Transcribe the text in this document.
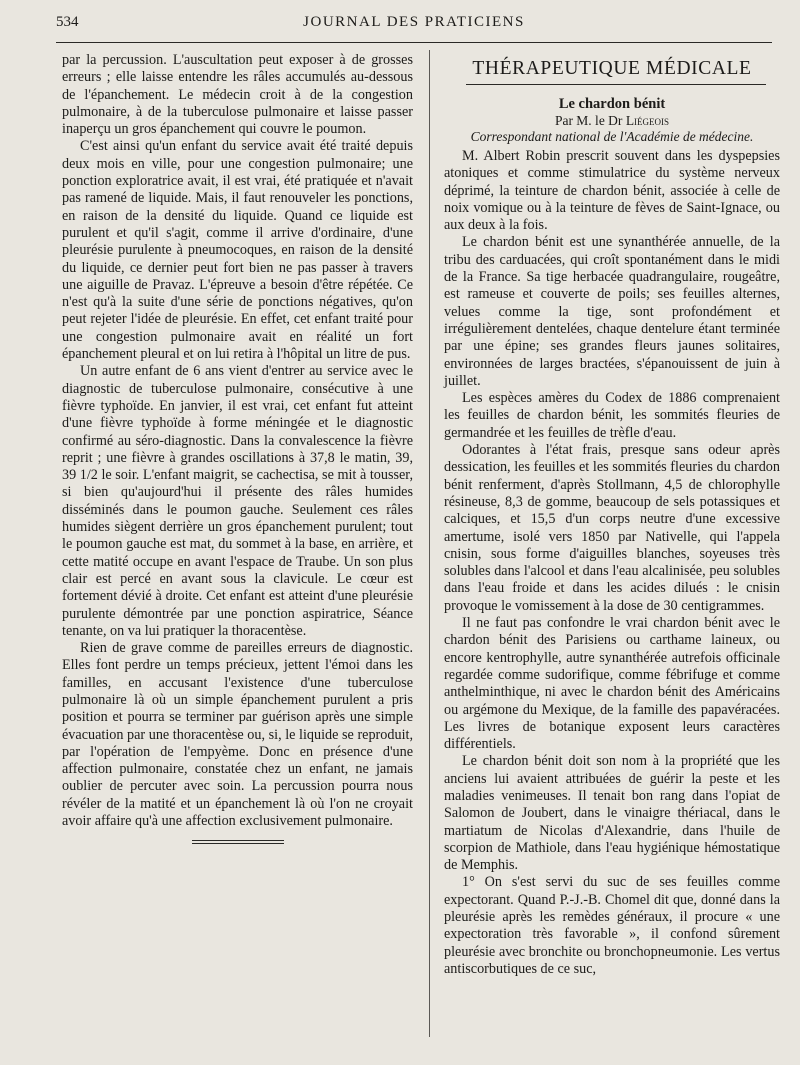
534	JOURNAL DES PRATICIENS

par la percussion. L'auscultation peut exposer à de grosses erreurs ; elle laisse entendre les râles accumulés au-dessous de l'épanchement. Le médecin croit à de la congestion pulmonaire, à de la tuberculose pulmonaire et laisse passer inaperçu un gros épanchement qui couvre le poumon.

C'est ainsi qu'un enfant du service avait été traité depuis deux mois en ville, pour une congestion pulmonaire; une ponction exploratrice avait, il est vrai, été pratiquée et n'avait pas ramené de liquide. Mais, il faut renouveler les ponctions, en raison de la densité du liquide. Quand ce liquide est purulent et qu'il s'agit, comme il arrive d'ordinaire, d'une pleurésie purulente à pneumocoques, en raison de la densité du liquide, ce dernier peut fort bien ne pas passer à travers une aiguille de Pravaz. L'épreuve a besoin d'être répétée. Ce n'est qu'à la suite d'une série de ponctions négatives, qu'on peut rejeter l'idée de pleurésie. En effet, cet enfant traité pour une congestion pulmonaire avait en réalité un fort épanchement pleural et on lui retira à l'hôpital un litre de pus.

Un autre enfant de 6 ans vient d'entrer au service avec le diagnostic de tuberculose pulmonaire, consécutive à une fièvre typhoïde. En janvier, il est vrai, cet enfant fut atteint d'une fièvre typhoïde à forme méningée et le diagnostic confirmé au séro-diagnostic. Dans la convalescence la fièvre reprit ; une fièvre à grandes oscillations à 37,8 le matin, 39, 39 1/2 le soir. L'enfant maigrit, se cachectisa, se mit à tousser, si bien qu'aujourd'hui il présente des râles humides disséminés dans le poumon gauche. Seulement ces râles humides siègent derrière un gros épanchement purulent; tout le poumon gauche est mat, du sommet à la base, en arrière, et cette matité occupe en avant l'espace de Traube. Un son plus clair est percé en avant sous la clavicule. Le cœur est fortement dévié à droite. Cet enfant est atteint d'une pleurésie purulente démontrée par une ponction aspiratrice, Séance tenante, on va lui pratiquer la thoracentèse.

Rien de grave comme de pareilles erreurs de diagnostic. Elles font perdre un temps précieux, jettent l'émoi dans les familles, en accusant l'existence d'une tuberculose pulmonaire là où un simple épanchement purulent a pris position et pourra se terminer par guérison après une simple évacuation par une thoracentèse ou, si, le liquide se reproduit, par l'opération de l'empyème. Donc en présence d'une affection pulmonaire, constatée chez un enfant, ne jamais oublier de percuter avec soin. La percussion pourra nous révéler de la matité et un épanchement là où l'on ne croyait avoir affaire qu'à une affection exclusivement pulmonaire.

THÉRAPEUTIQUE MÉDICALE
Le chardon bénit
Par M. le Dr Liégeois
Correspondant national de l'Académie de médecine.

M. Albert Robin prescrit souvent dans les dyspepsies atoniques et comme stimulatrice du système nerveux déprimé, la teinture de chardon bénit, associée à celle de noix vomique ou à la teinture de fèves de Saint-Ignace, ou aux deux à la fois.

Le chardon bénit est une synanthérée annuelle, de la tribu des carduacées, qui croît spontanément dans le midi de la France. Sa tige herbacée quadrangulaire, rougeâtre, est rameuse et couverte de poils; ses feuilles alternes, velues comme la tige, sont profondément et irrégulièrement dentelées, chaque dentelure étant terminée par une épine; ses grandes fleurs jaunes solitaires, environnées de larges bractées, s'épanouissent de juin à juillet.

Les espèces amères du Codex de 1886 comprenaient les feuilles de chardon bénit, les sommités fleuries de germandrée et les feuilles de trèfle d'eau.

Odorantes à l'état frais, presque sans odeur après dessication, les feuilles et les sommités fleuries du chardon bénit renferment, d'après Stollmann, 4,5 de chlorophylle résineuse, 8,3 de gomme, beaucoup de sels potassiques et calciques, et 15,5 d'un corps neutre d'une excessive amertume, isolé vers 1850 par Nativelle, qui l'appela cnisin, sous forme d'aiguilles blanches, soyeuses très solubles dans l'alcool et dans l'eau alcalinisée, peu solubles dans l'eau froide et dans les acides dilués : le cnisin provoque le vomissement à la dose de 30 centigrammes.

Il ne faut pas confondre le vrai chardon bénit avec le chardon bénit des Parisiens ou carthame laineux, ou encore kentrophylle, autre synanthérée autrefois officinale regardée comme sudorifique, comme fébrifuge et comme anthelminthique, ni avec le chardon bénit des Américains ou argémone du Mexique, de la famille des papavéracées. Les livres de botanique exposent leurs caractères différentiels.

Le chardon bénit doit son nom à la propriété que les anciens lui avaient attribuées de guérir la peste et les maladies venimeuses. Il tenait bon rang dans l'opiat de Salomon de Joubert, dans le vinaigre thériacal, dans le martiatum de Nicolas d'Alexandrie, dans l'huile de scorpion de Mathiole, dans l'eau hygiénique hémostatique de Memphis.

1° On s'est servi du suc de ses feuilles comme expectorant. Quand P.-J.-B. Chomel dit que, donné dans la pleurésie après les remèdes généraux, il procure « une expectoration très favorable », il confond sûrement pleurésie avec bronchite ou bronchopneumonie. Les vertus antiscorbutiques de ce suc,
